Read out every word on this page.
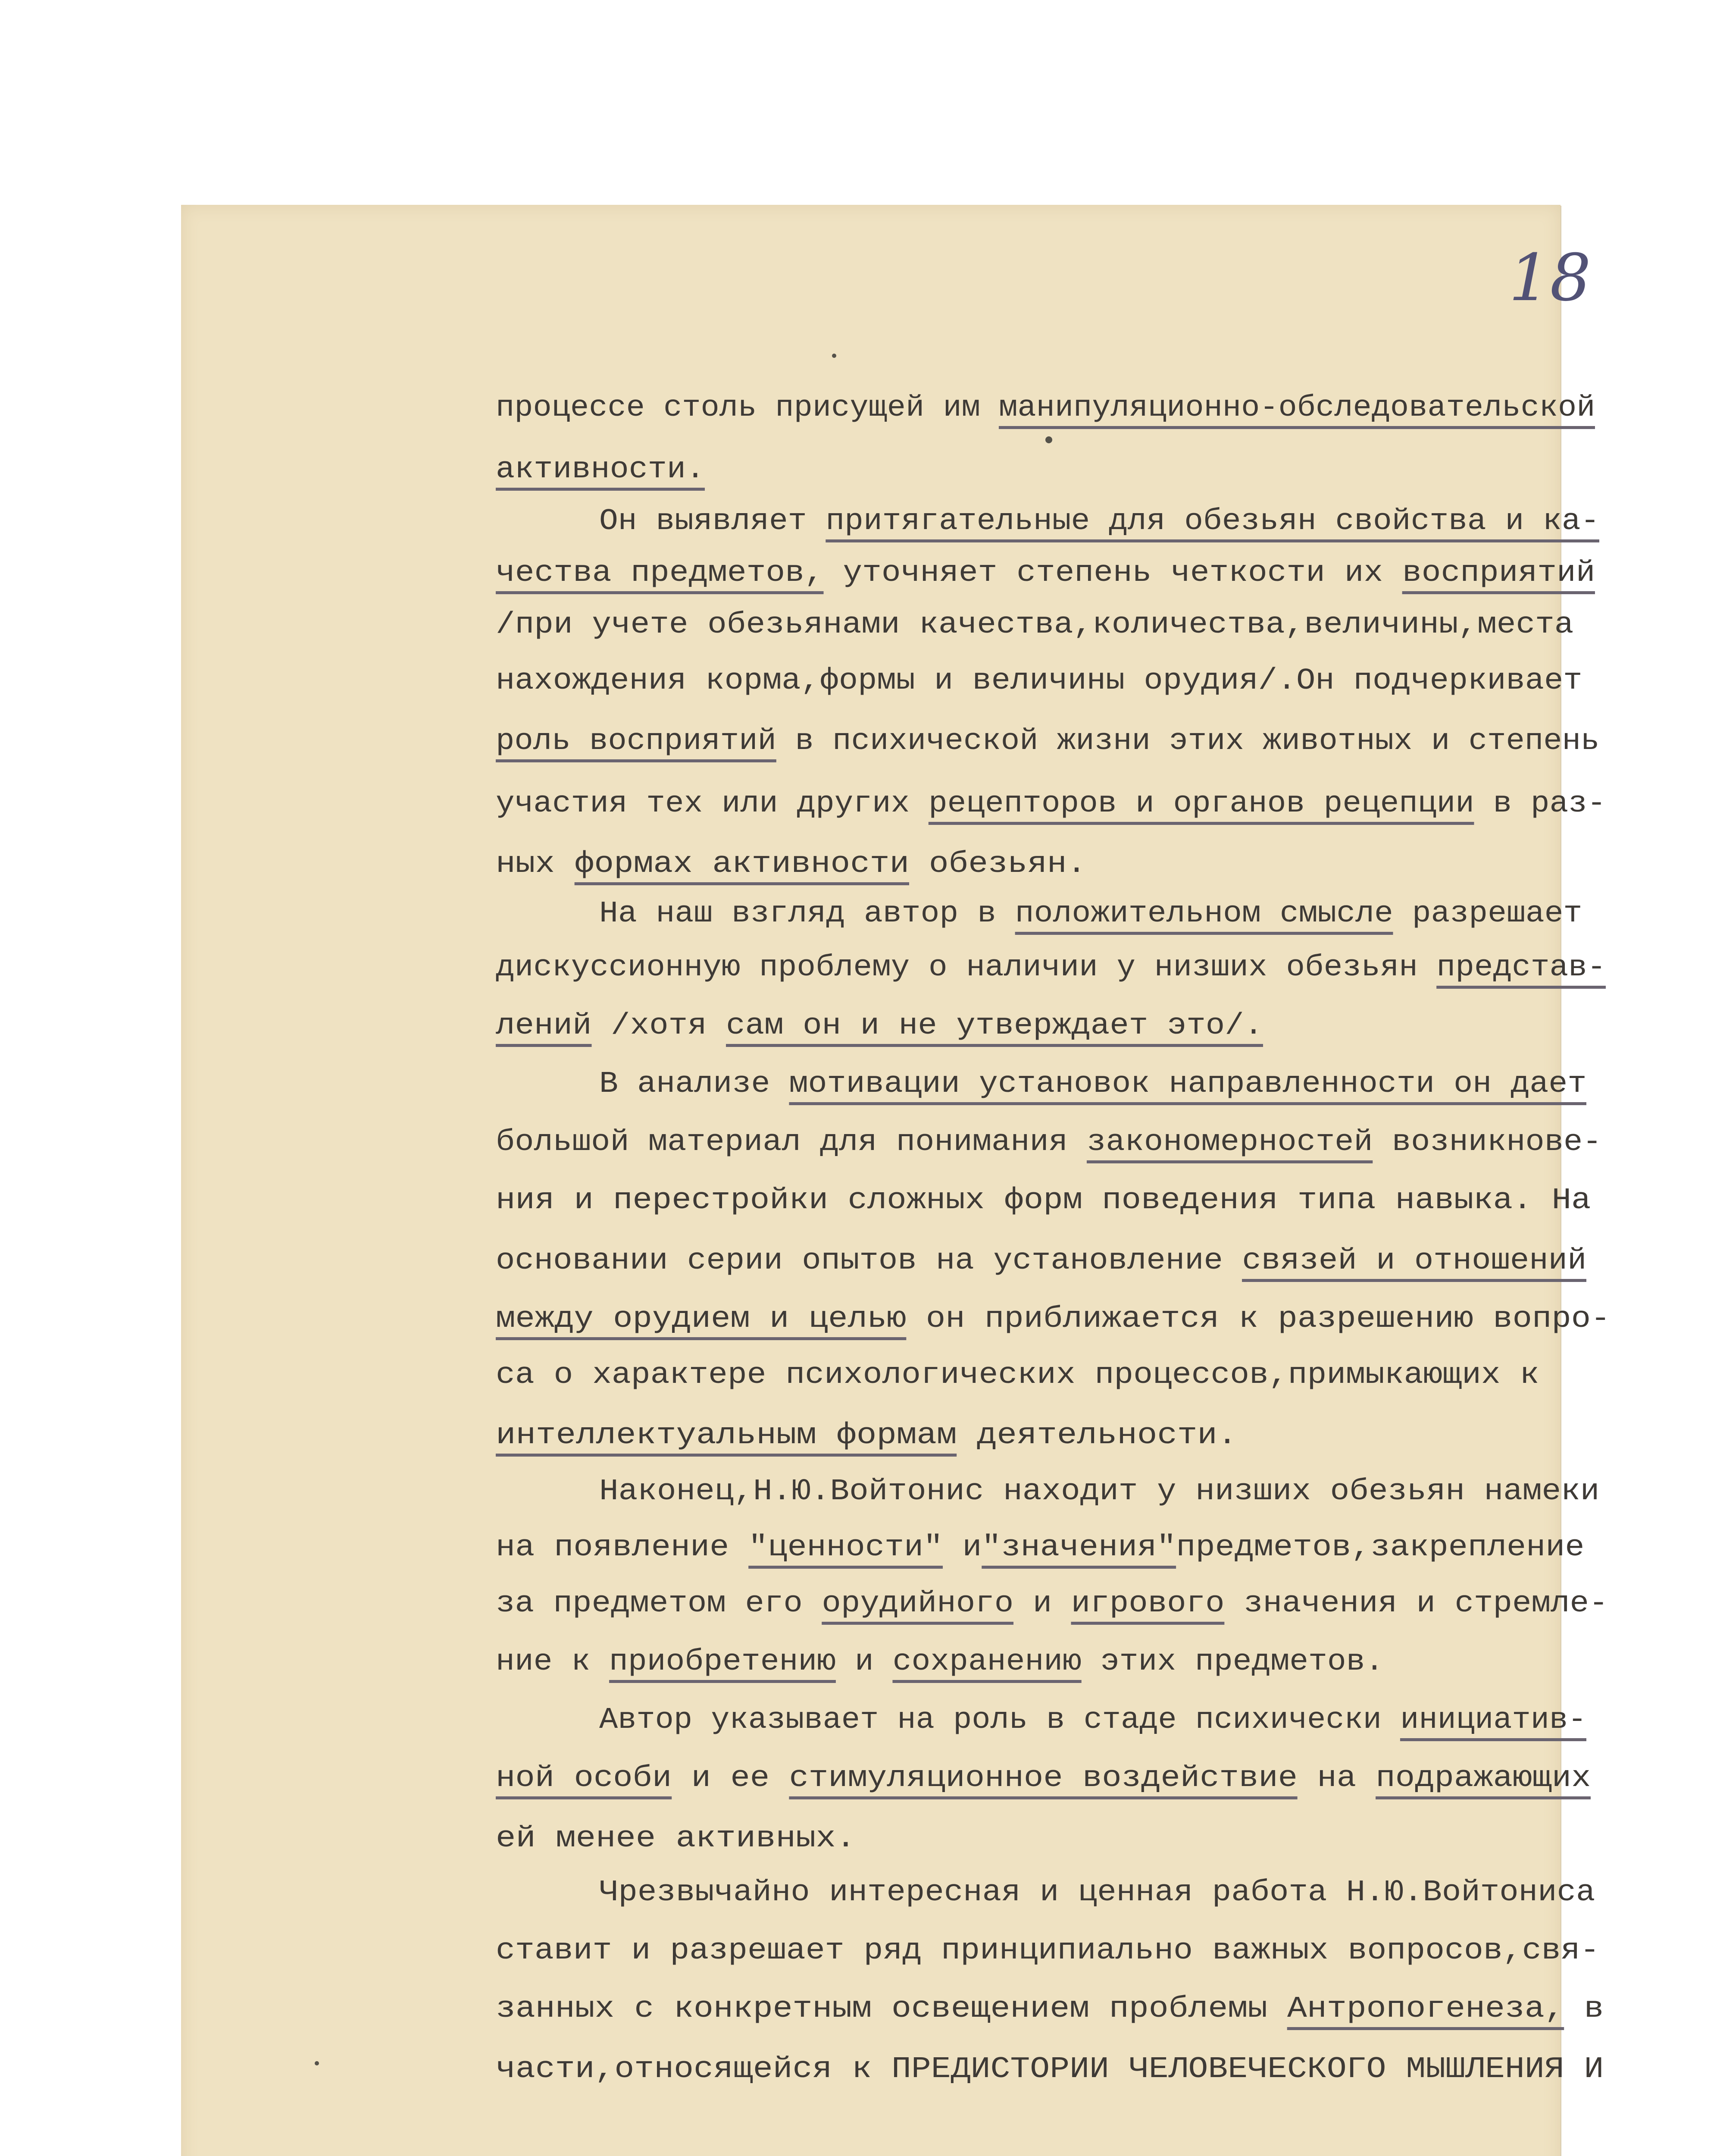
18
процессе столь присущей им манипуляционно-обследовательской
активности.
Он выявляет притягательные для обезьян свойства и ка-
чества предметов, уточняет степень четкости их восприятий
/при учете обезьянами качества,количества,величины,места
нахождения корма,формы и величины орудия/.Он подчеркивает
роль восприятий в психической жизни этих животных и степень
участия тех или других рецепторов и органов рецепции в раз-
ных формах активности обезьян.
На наш взгляд автор в положительном смысле разрешает
дискуссионную проблему о наличии у низших обезьян представ-
лений /хотя сам он и не утверждает это/.
В анализе мотивации установок направленности он дает
большой материал для понимания закономерностей возникнове-
ния и перестройки сложных форм поведения типа навыка. На
основании серии опытов на установление связей и отношений
между орудием и целью он приближается к разрешению вопро-
са о характере психологических процессов,примыкающих к
интеллектуальным формам деятельности.
Наконец,Н.Ю.Войтонис находит у низших обезьян намеки
на появление "ценности" и"значения"предметов,закрепление
за предметом его орудийного и игрового значения и стремле-
ние к приобретению и сохранению этих предметов.
Автор указывает на роль в стаде психически инициатив-
ной особи и ее стимуляционное воздействие на подражающих
ей менее активных.
Чрезвычайно интересная и ценная работа Н.Ю.Войтониса
ставит и разрешает ряд принципиально важных вопросов,свя-
занных с конкретным освещением проблемы Антропогенеза, в
части,относящейся к ПРЕДИСТОРИИ ЧЕЛОВЕЧЕСКОГО МЫШЛЕНИЯ И
